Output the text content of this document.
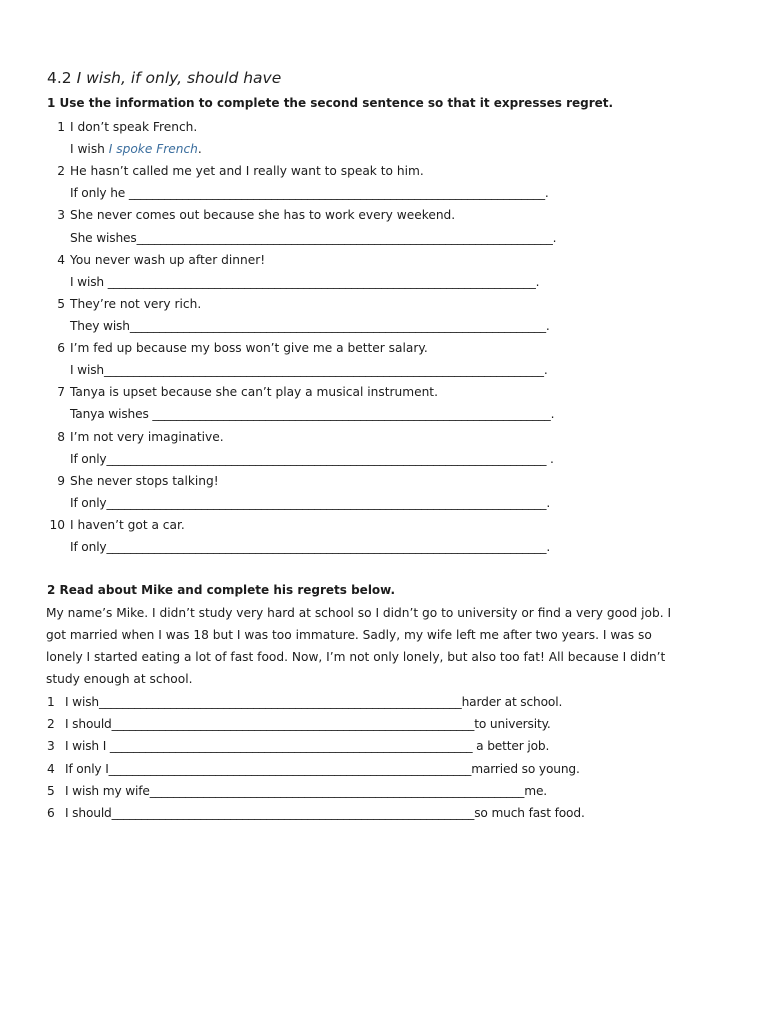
4.2 I wish, if only, should have
1 Use the information to complete the second sentence so that it expresses regret.
1 I don’t speak French.
I wish I spoke French.
2 He hasn’t called me yet and I really want to speak to him.
If only he ______________________________________________________________________.
3 She never comes out because she has to work every weekend.
She wishes______________________________________________________________________.
4 You never wash up after dinner!
I wish ________________________________________________________________________.
5 They’re not very rich.
They wish______________________________________________________________________.
6 I’m fed up because my boss won’t give me a better salary.
I wish__________________________________________________________________________.
7 Tanya is upset because she can’t play a musical instrument.
Tanya wishes ___________________________________________________________________.
8 I’m not very imaginative.
If only__________________________________________________________________________ .
9 She never stops talking!
If only__________________________________________________________________________.
10 I haven’t got a car.
If only__________________________________________________________________________.
2 Read about Mike and complete his regrets below.
My name’s Mike. I didn’t study very hard at school so I didn’t go to university or find a very good job. I
got married when I was 18 but I was too immature. Sadly, my wife left me after two years. I was so
lonely I started eating a lot of fast food. Now, I’m not only lonely, but also too fat! All because I didn’t
study enough at school.
1 I wish_____________________________________________________________harder at school.
2 I should_____________________________________________________________to university.
3 I wish I _____________________________________________________________ a better job.
4 If only I_____________________________________________________________married so young.
5 I wish my wife_______________________________________________________________me.
6 I should_____________________________________________________________so much fast food.
